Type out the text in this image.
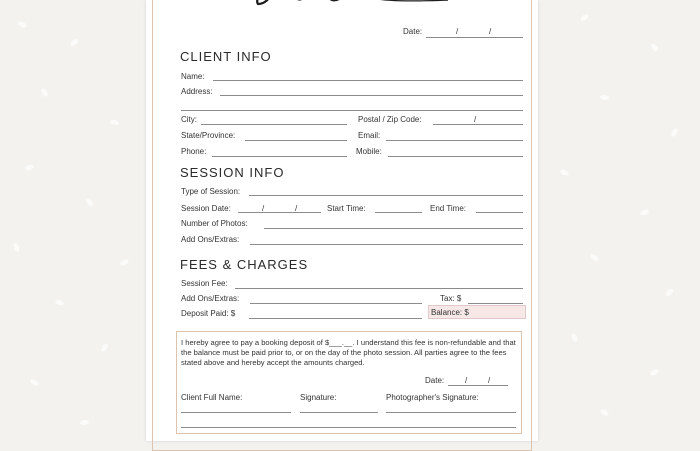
Date:	/	/
CLIENT INFO
Name:
Address:
City:	Postal / Zip Code:	/
State/Province:	Email:
Phone:	Mobile:
SESSION INFO
Type of Session:
Session Date:	/	/	Start Time:	End Time:
Number of Photos:
Add Ons/Extras:
FEES & CHARGES
Session Fee:
Add Ons/Extras:	Tax: $
Deposit Paid: $	Balance: $
I hereby agree to pay a booking deposit of $___.__. I understand this fee is non-refundable and that the balance must be paid prior to, or on the day of the photo session. All parties agree to the fees stated above and hereby accept the amounts charged.
Date:	/	/
Client Full Name:	Signature:	Photographer's Signature:
